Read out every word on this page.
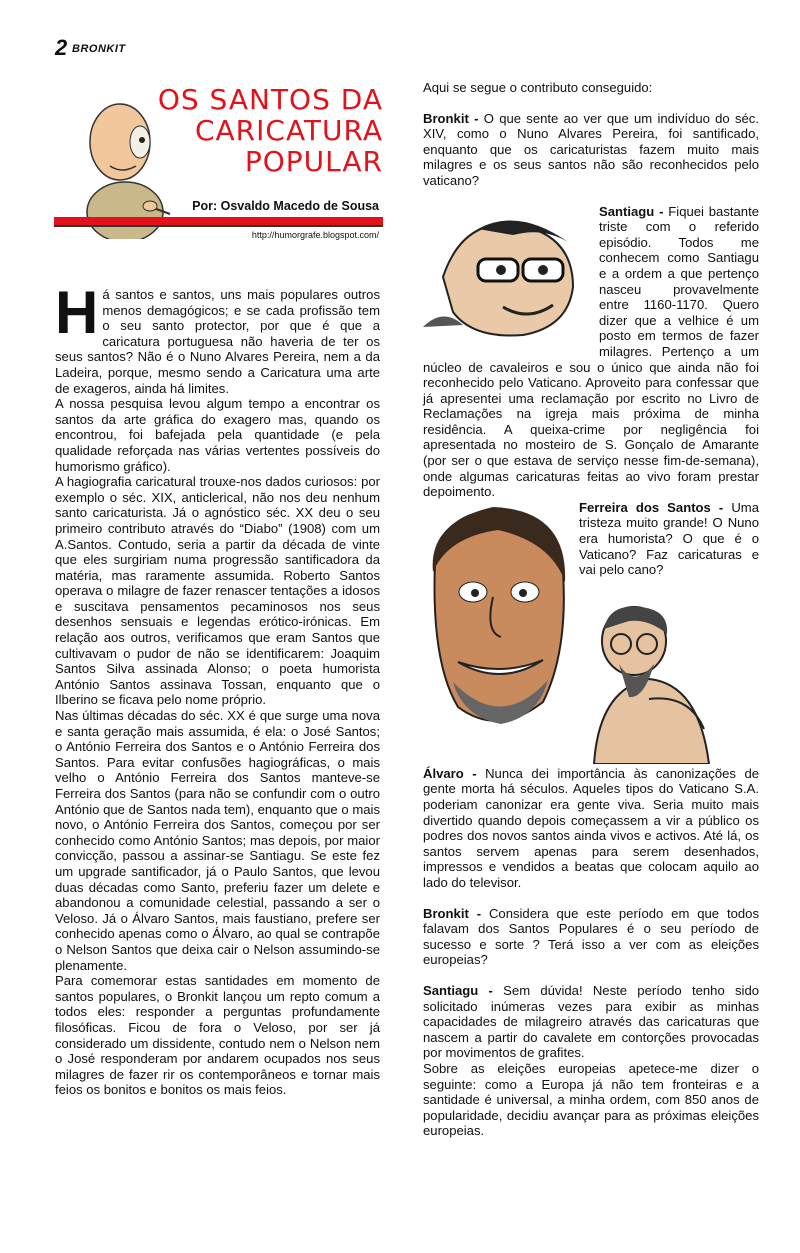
2 BRONKIT
OS SANTOS DA
CARICATURA
POPULAR
Por: Osvaldo Macedo de Sousa
http://humorgrafe.blogspot.com/

Há santos e santos, uns mais populares outros menos demagógicos; e se cada profissão tem o seu santo protector, por que é que a caricatura portuguesa não haveria de ter os seus santos? Não é o Nuno Alvares Pereira, nem a da Ladeira, porque, mesmo sendo a Caricatura uma arte de exageros, ainda há limites.

A nossa pesquisa levou algum tempo a encontrar os santos da arte gráfica do exagero mas, quando os encontrou, foi bafejada pela quantidade (e pela qualidade reforçada nas várias vertentes possíveis do humorismo gráfico).

A hagiografia caricatural trouxe-nos dados curiosos: por exemplo o séc. XIX, anticlerical, não nos deu nenhum santo caricaturista. Já o agnóstico séc. XX deu o seu primeiro contributo através do “Diabo” (1908) com um A.Santos. Contudo, seria a partir da década de vinte que eles surgiriam numa progressão santificadora da matéria, mas raramente assumida. Roberto Santos operava o milagre de fazer renascer tentações a idosos e suscitava pensamentos pecaminosos nos seus desenhos sensuais e legendas erótico-irónicas. Em relação aos outros, verificamos que eram Santos que cultivavam o pudor de não se identificarem: Joaquim Santos Silva assinada Alonso; o poeta humorista António Santos assinava Tossan, enquanto que o Ilberino se ficava pelo nome próprio.

Nas últimas décadas do séc. XX é que surge uma nova e santa geração mais assumida, é ela: o José Santos; o António Ferreira dos Santos e o António Ferreira dos Santos. Para evitar confusões hagiográficas, o mais velho o António Ferreira dos Santos manteve-se Ferreira dos Santos (para não se confundir com o outro António que de Santos nada tem), enquanto que o mais novo, o António Ferreira dos Santos, começou por ser conhecido como António Santos; mas depois, por maior convicção, passou a assinar-se Santiagu. Se este fez um upgrade santificador, já o Paulo Santos, que levou duas décadas como Santo, preferiu fazer um delete e abandonou a comunidade celestial, passando a ser o Veloso. Já o Álvaro Santos, mais faustiano, prefere ser conhecido apenas como o Álvaro, ao qual se contrapõe o Nelson Santos que deixa cair o Nelson assumindo-se plenamente.

Para comemorar estas santidades em momento de santos populares, o Bronkit lançou um repto comum a todos eles: responder a perguntas profundamente filosóficas. Ficou de fora o Veloso, por ser já considerado um dissidente, contudo nem o Nelson nem o José responderam por andarem ocupados nos seus milagres de fazer rir os contemporâneos e tornar mais feios os bonitos e bonitos os mais feios.

Aqui se segue o contributo conseguido:

Bronkit - O que sente ao ver que um indivíduo do séc. XIV, como o Nuno Alvares Pereira, foi santificado, enquanto que os caricaturistas fazem muito mais milagres e os seus santos não são reconhecidos pelo vaticano?

Santiagu - Fiquei bastante triste com o referido episódio. Todos me conhecem como Santiagu e a ordem a que pertenço nasceu provavelmente entre 1160-1170. Quero dizer que a velhice é um posto em termos de fazer milagres. Pertenço a um núcleo de cavaleiros e sou o único que ainda não foi reconhecido pelo Vaticano. Aproveito para confessar que já apresentei uma reclamação por escrito no Livro de Reclamações na igreja mais próxima de minha residência. A queixa-crime por negligência foi apresentada no mosteiro de S. Gonçalo de Amarante (por ser o que estava de serviço nesse fim-de-semana), onde algumas caricaturas feitas ao vivo foram prestar depoimento.

Ferreira dos Santos - Uma tristeza muito grande! O Nuno era humorista? O que é o Vaticano? Faz caricaturas e vai pelo cano?

Álvaro - Nunca dei importância às canonizações de gente morta há séculos. Aqueles tipos do Vaticano S.A. poderiam canonizar era gente viva. Seria muito mais divertido quando depois começassem a vir a público os podres dos novos santos ainda vivos e activos. Até lá, os santos servem apenas para serem desenhados, impressos e vendidos a beatas que colocam aquilo ao lado do televisor.

Bronkit - Considera que este período em que todos falavam dos Santos Populares é o seu período de sucesso e sorte ? Terá isso a ver com as eleições europeias?

Santiagu - Sem dúvida! Neste período tenho sido solicitado inúmeras vezes para exibir as minhas capacidades de milagreiro através das caricaturas que nascem a partir do cavalete em contorções provocadas por movimentos de grafites.

Sobre as eleições europeias apetece-me dizer o seguinte: como a Europa já não tem fronteiras e a santidade é universal, a minha ordem, com 850 anos de popularidade, decidiu avançar para as próximas eleições europeias.
